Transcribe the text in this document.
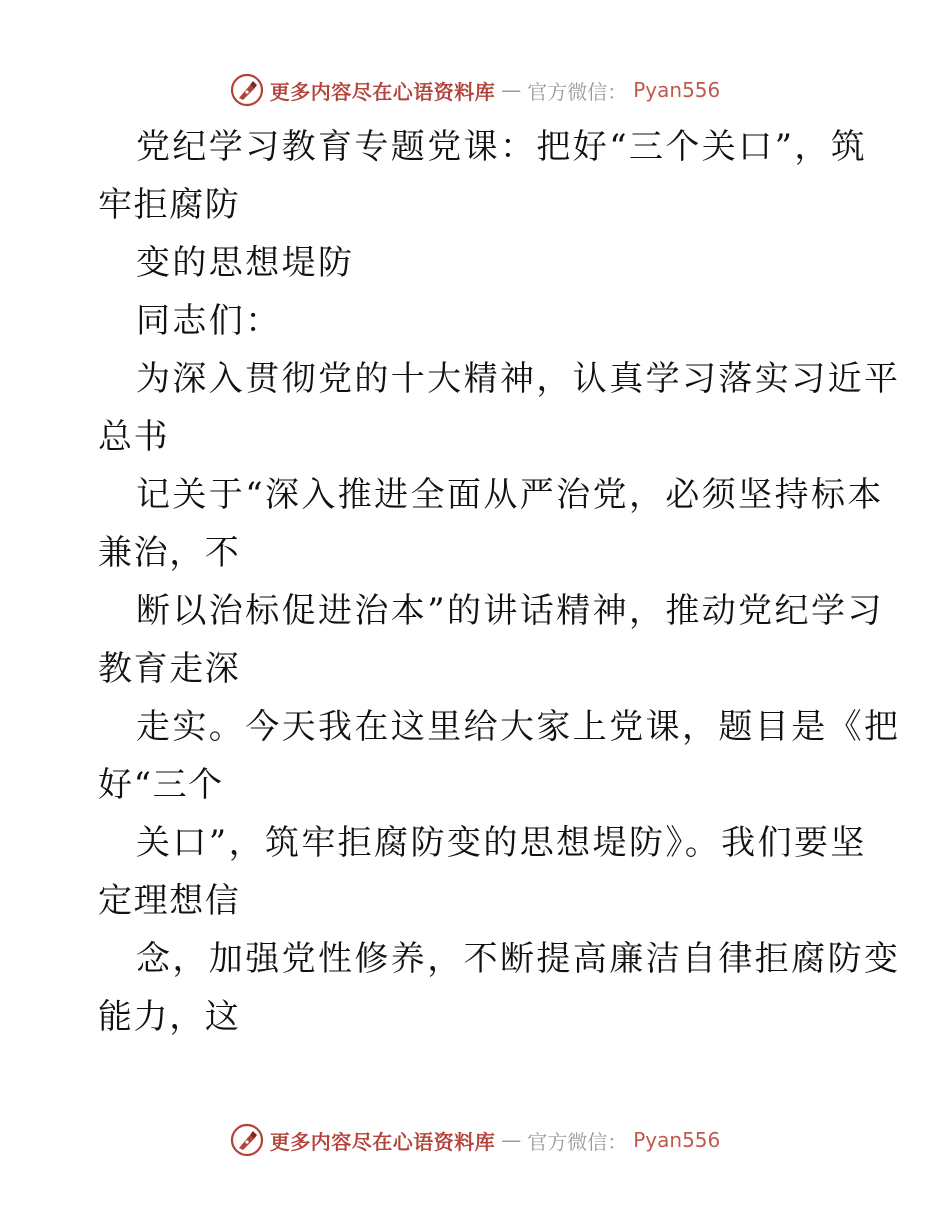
更多内容尽在心语资料库 — 官方微信： Pyan556
党纪学习教育专题党课：把好“三个关口”，筑
牢拒腐防
变的思想堤防
同志们：
为深入贯彻党的十大精神，认真学习落实习近平
总书
记关于“深入推进全面从严治党，必须坚持标本
兼治，不
断以治标促进治本”的讲话精神，推动党纪学习
教育走深
走实。今天我在这里给大家上党课，题目是《把
好“三个
关口”，筑牢拒腐防变的思想堤防》。我们要坚
定理想信
念，加强党性修养，不断提高廉洁自律拒腐防变
能力，这
更多内容尽在心语资料库 — 官方微信： Pyan556
